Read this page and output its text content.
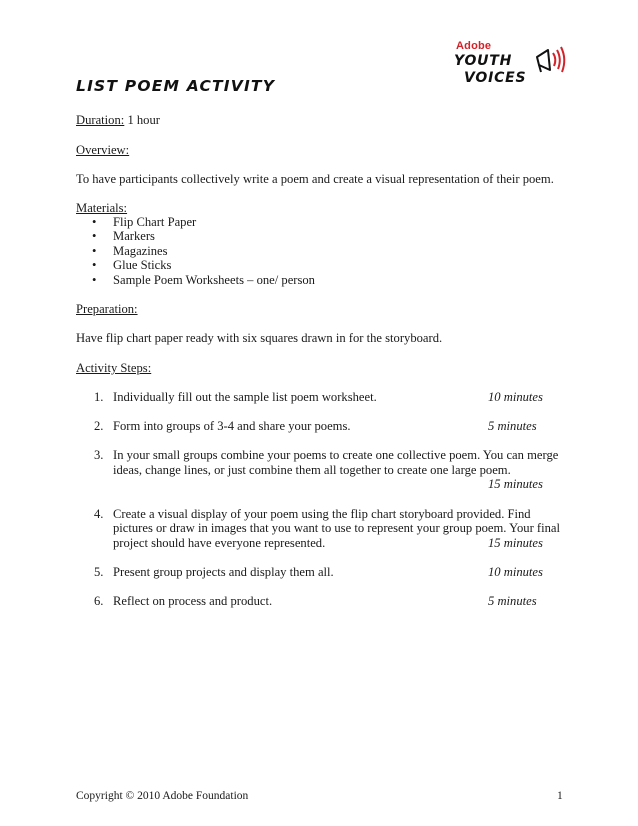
Adobe
YOUTH
VOICES
LIST POEM ACTIVITY
Duration: 1 hour
Overview:
To have participants collectively write a poem and create a visual representation of their poem.
Materials:
• Flip Chart Paper
• Markers
• Magazines
• Glue Sticks
• Sample Poem Worksheets – one/ person
Preparation:
Have flip chart paper ready with six squares drawn in for the storyboard.
Activity Steps:
1. Individually fill out the sample list poem worksheet.	10 minutes
2. Form into groups of 3-4 and share your poems.	5 minutes
3. In your small groups combine your poems to create one collective poem. You can merge
ideas, change lines, or just combine them all together to create one large poem.
15 minutes
4. Create a visual display of your poem using the flip chart storyboard provided. Find
pictures or draw in images that you want to use to represent your group poem. Your final
project should have everyone represented.	15 minutes
5. Present group projects and display them all.	10 minutes
6. Reflect on process and product.	5 minutes
Copyright © 2010 Adobe Foundation	1
